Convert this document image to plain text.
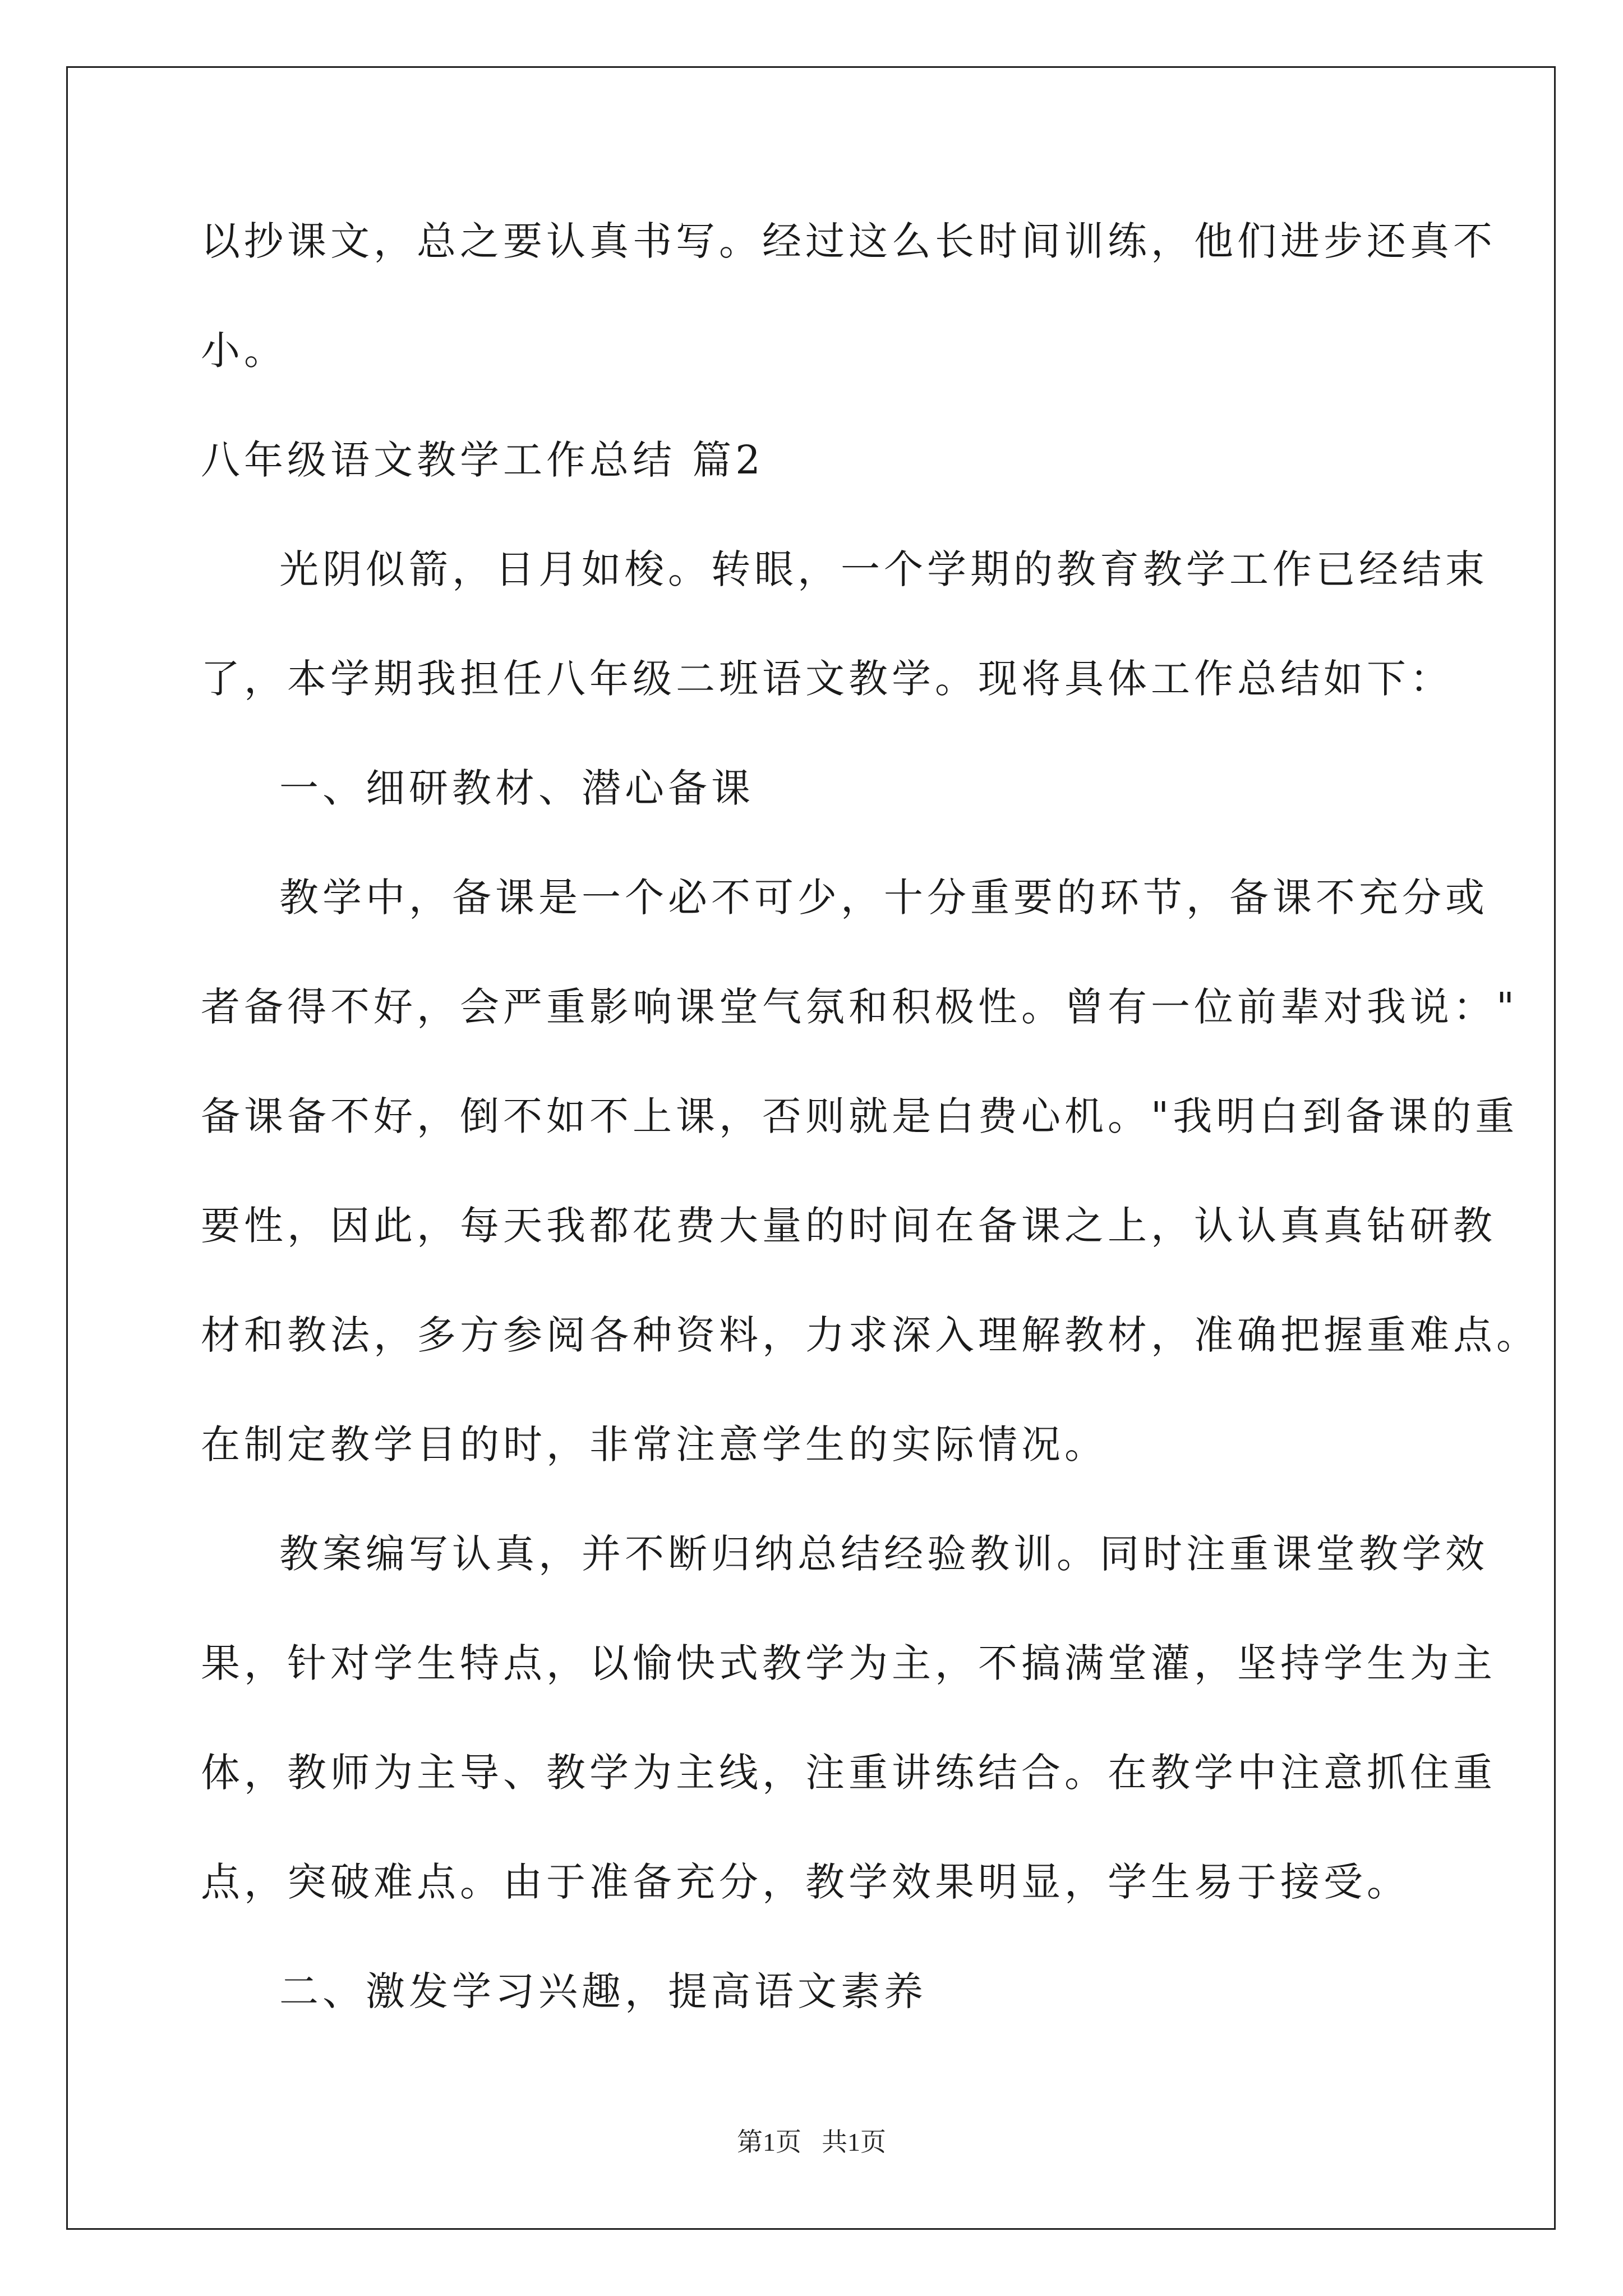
以抄课文，总之要认真书写。经过这么长时间训练，他们进步还真不
小。
八年级语文教学工作总结 篇2
光阴似箭，日月如梭。转眼，一个学期的教育教学工作已经结束
了，本学期我担任八年级二班语文教学。现将具体工作总结如下：
一、细研教材、潜心备课
教学中，备课是一个必不可少，十分重要的环节，备课不充分或
者备得不好，会严重影响课堂气氛和积极性。曾有一位前辈对我说："
备课备不好，倒不如不上课，否则就是白费心机。"我明白到备课的重
要性，因此，每天我都花费大量的时间在备课之上，认认真真钻研教
材和教法，多方参阅各种资料，力求深入理解教材，准确把握重难点。
在制定教学目的时，非常注意学生的实际情况。
教案编写认真，并不断归纳总结经验教训。同时注重课堂教学效
果，针对学生特点，以愉快式教学为主，不搞满堂灌，坚持学生为主
体，教师为主导、教学为主线，注重讲练结合。在教学中注意抓住重
点，突破难点。由于准备充分，教学效果明显，学生易于接受。
二、激发学习兴趣，提高语文素养
第1页 共1页
